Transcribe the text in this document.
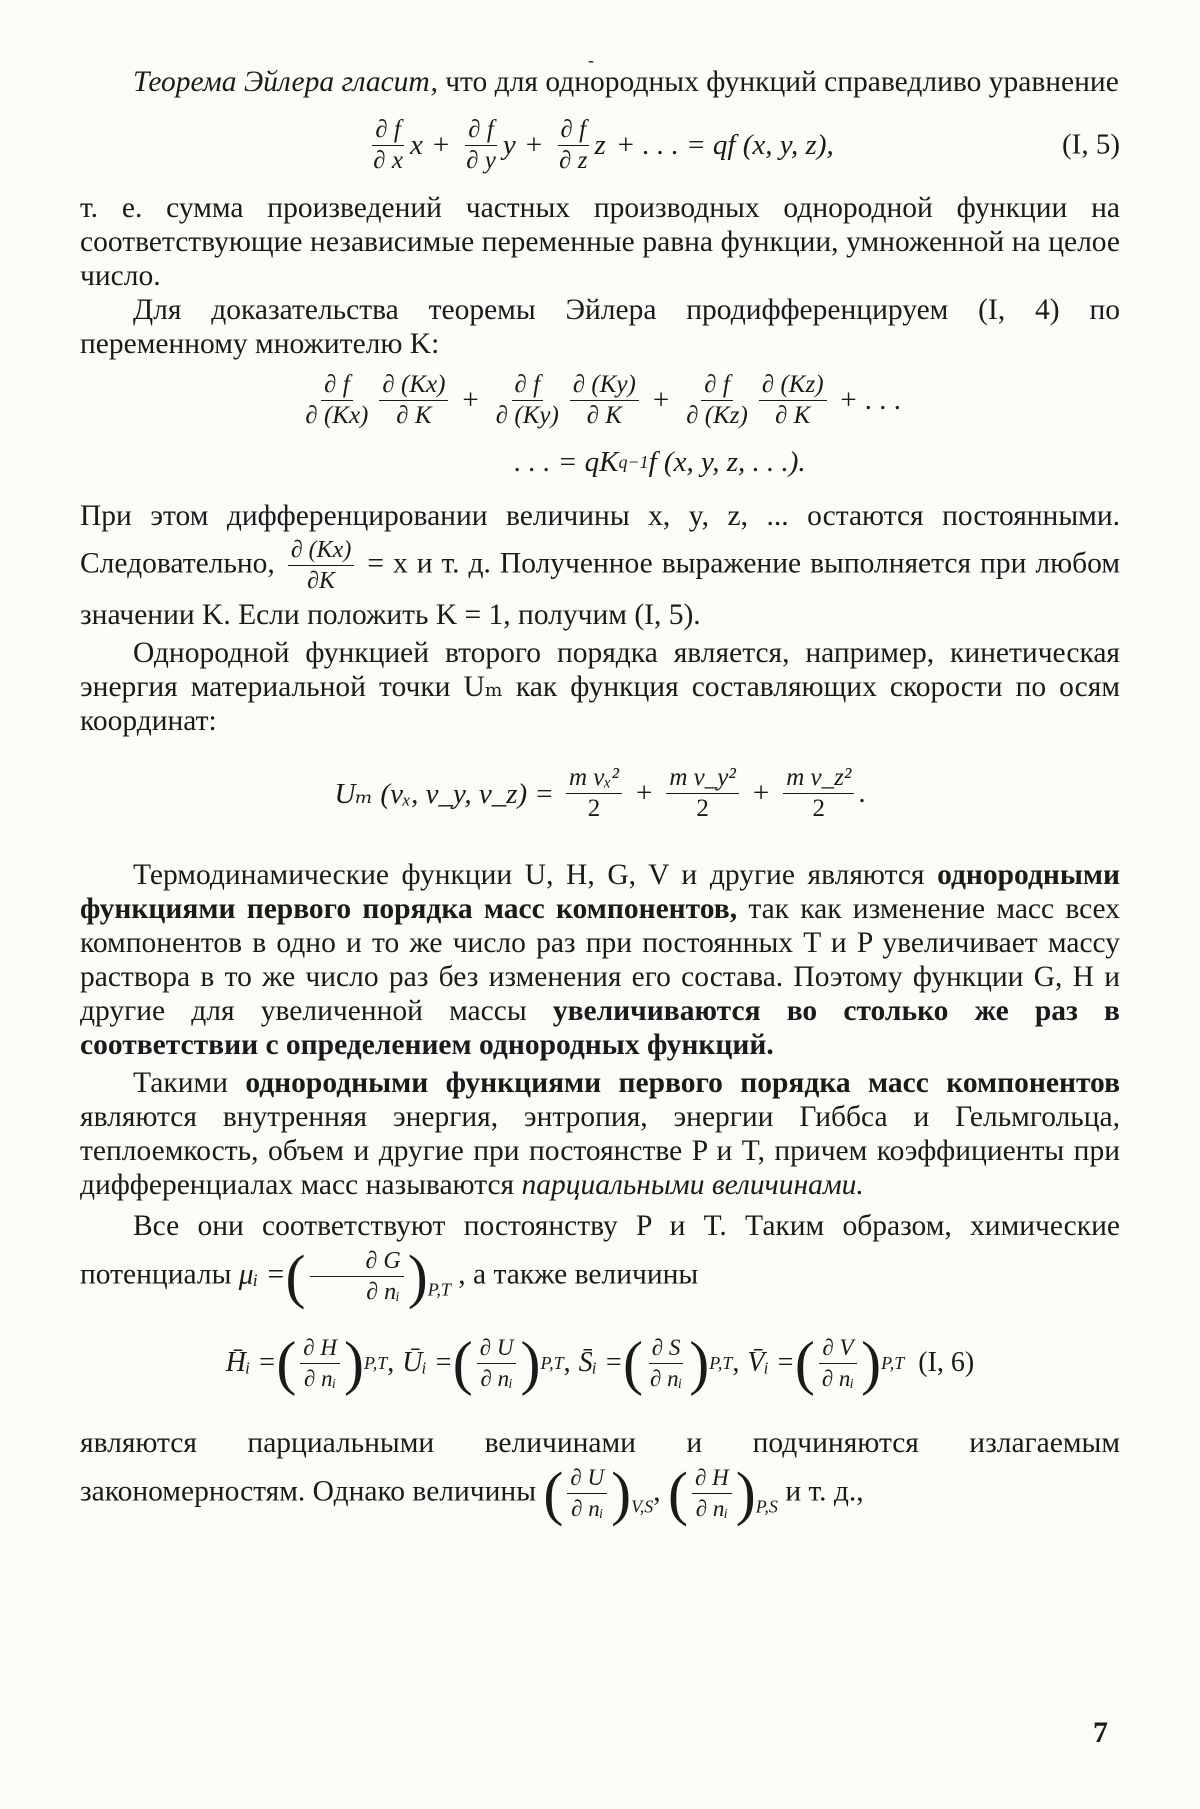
-

Теорема Эйлера гласит, что для однородных функций справедливо уравнение

$\frac{\partial f}{\partial x}$ $x + \frac{\partial f}{\partial y}$ $y + \frac{\partial f}{\partial z}$ z + . . . = qf (x, y, z),	(I, 5)

т. е. сумма произведений частных производных однородной функции на соответствующие независимые переменные равна функции, умноженной на целое число.

Для доказательства теоремы Эйлера продифференцируем (I, 4) по переменному множителю K:

$\frac{\partial f}{\partial (Kx)} \frac{\partial (Kx)}{\partial K} + \frac{\partial f}{\partial (Ky)} \frac{\partial (Ky)}{\partial K} + \frac{\partial f}{\partial (Kz)} \frac{\partial (Kz)}{\partial K}$ + . . .
. . . = qK q−1 f (x, y, z, . . .).

При этом дифференцировании величины x, y, z, ... остаются постоянными. Следовательно, $\frac{\partial (Kx)}{\partial K} = x$ и т. д. Полученное выражение выполняется при любом значении K. Если положить K = 1, получим (I, 5).

Однородной функцией второго порядка является, например, кинетическая энергия материальной точки Uₘ как функция составляющих скорости по осям координат:

Uₘ (vₓ, v_y, v_z) = $\frac{\text{m vₓ²}}{2} + \frac{\text{m v\_y²}}{2} + \frac{\text{m v\_z²}}{2}$ .

Термодинамические функции U, H, G, V и другие являются однородными функциями первого порядка масс компонентов, так как изменение масс всех компонентов в одно и то же число раз при постоянных T и P увеличивает массу раствора в то же число раз без изменения его состава. Поэтому функции G, H и другие для увеличенной массы увеличиваются во столько же раз в соответствии с определением однородных функций.

Такими однородными функциями первого порядка масс компонентов являются внутренняя энергия, энтропия, энергии Гиббса и Гельмгольца, теплоемкость, объем и другие при постоянстве P и T, причем коэффициенты при дифференциалах масс называются парциальными величинами.

Все они соответствуют постоянству P и T. Таким образом, химические потенциалы μᵢ =( $\frac{\partial G}{\text{∂ nᵢ}} )_{P,T}$ , а также величины

H̄ᵢ = ( $\frac{\partial H}{\text{∂ nᵢ}}$ ) P,T , Ūᵢ = ( $\frac{\partial U}{\text{∂ nᵢ}}$ ) P,T , S̄ᵢ = ( $\frac{\partial S}{\text{∂ nᵢ}}$ ) P,T , V̄ᵢ = ( $\frac{\partial V}{\text{∂ nᵢ}}$ ) P,T (I, 6)

являются парциальными величинами и подчиняются излагаемым закономерностям. Однако величины ( $\frac{\partial U}{\text{∂ nᵢ}} )_{V,S}$, ( $\frac{\partial H}{\text{∂ nᵢ}} )_{P,S}$ и т. д.,

7
